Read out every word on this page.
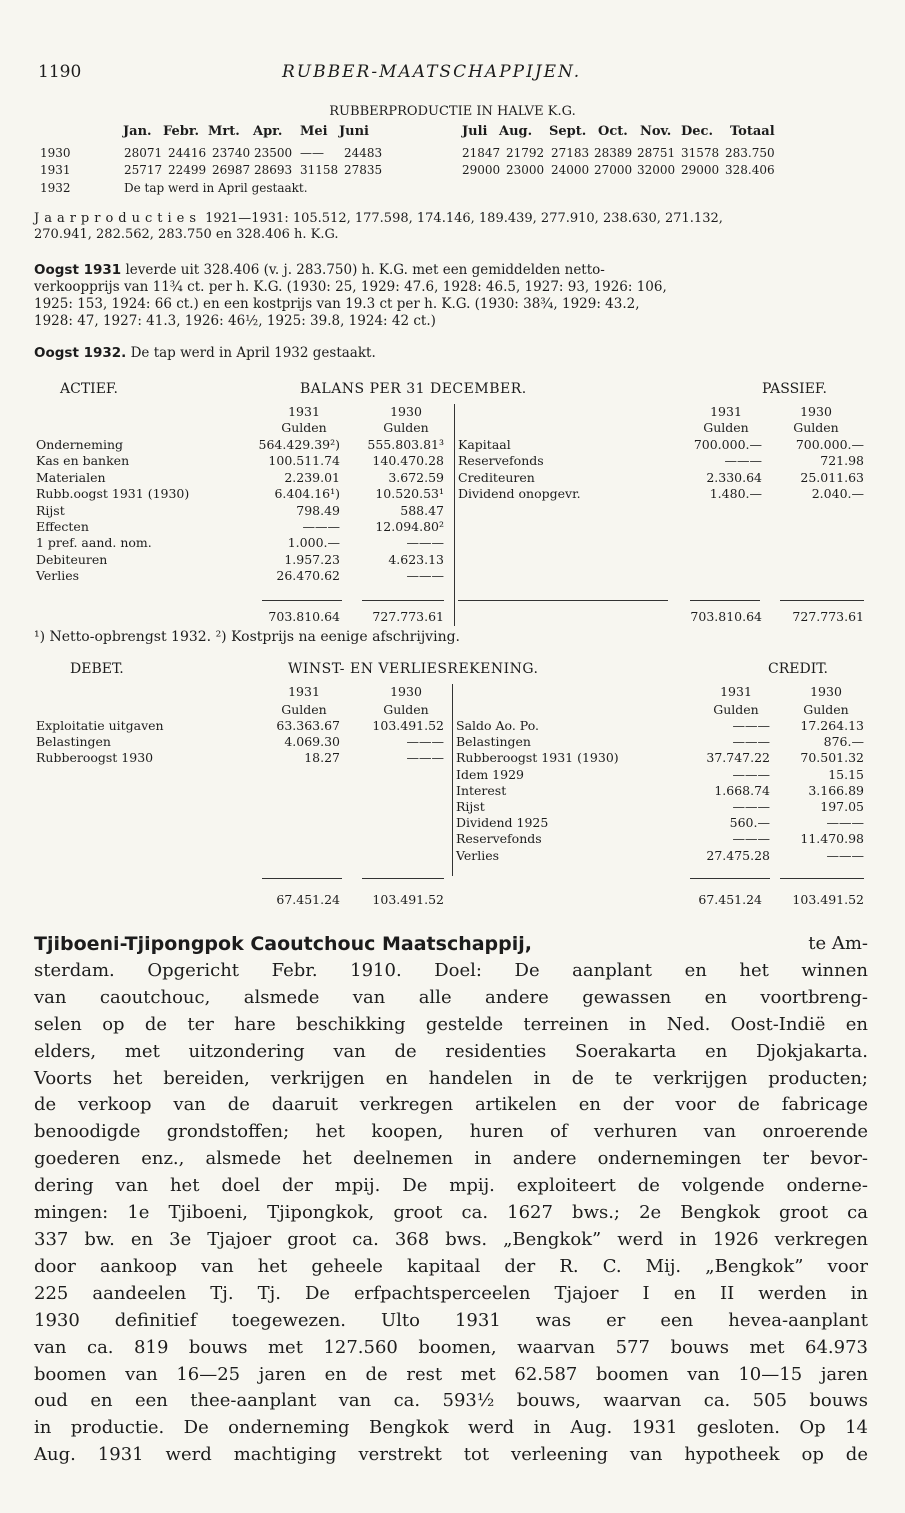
1190	RUBBER-MAATSCHAPPIJEN.
RUBBERPRODUCTIE IN HALVE K.G.
Jan. Febr. Mrt. Apr. Mei Juni	Juli Aug. Sept. Oct. Nov. Dec. Totaal
1930	28071 24416 23740 23500 —— 24483	21847 21792 27183 28389 28751 31578 283.750
1931	25717 22499 26987 28693 31158 27835	29000 23000 24000 27000 32000 29000 328.406
1932	De tap werd in April gestaakt.
Jaarproducties 1921—1931: 105.512, 177.598, 174.146, 189.439, 277.910, 238.630, 271.132,
270.941, 282.562, 283.750 en 328.406 h. K.G.
Oogst 1931 leverde uit 328.406 (v. j. 283.750) h. K.G. met een gemiddelden netto-
verkoopprijs van 11¾ ct. per h. K.G. (1930: 25, 1929: 47.6, 1928: 46.5, 1927: 93, 1926: 106,
1925: 153, 1924: 66 ct.) en een kostprijs van 19.3 ct per h. K.G. (1930: 38¾, 1929: 43.2,
1928: 47, 1927: 41.3, 1926: 46½, 1925: 39.8, 1924: 42 ct.)
Oogst 1932. De tap werd in April 1932 gestaakt.
ACTIEF.	BALANS PER 31 DECEMBER.	PASSIEF.
1931	1930
Gulden	Gulden
1931	1930
Gulden	Gulden
Onderneming	564.429.39²)	555.803.81³
Kas en banken	100.511.74	140.470.28
Materialen	2.239.01	3.672.59
Rubb.oogst 1931 (1930)	6.404.16¹)	10.520.53¹
Rijst	798.49	588.47
Effecten	———	12.094.80²
1 pref. aand. nom.	1.000.—	———
Debiteuren	1.957.23	4.623.13
Verlies	26.470.62	———
Kapitaal	700.000.—	700.000.—
Reservefonds	———	721.98
Crediteuren	2.330.64	25.011.63
Dividend onopgevr.	1.480.—	2.040.—
703.810.64	727.773.61	703.810.64	727.773.61
¹) Netto-opbrengst 1932. ²) Kostprijs na eenige afschrijving.
DEBET.	WINST- EN VERLIESREKENING.	CREDIT.
1931	1930
Gulden	Gulden
1931	1930
Gulden	Gulden
Exploitatie uitgaven	63.363.67	103.491.52
Belastingen	4.069.30	———
Rubberoogst 1930	18.27	———
Saldo Ao. Po.	———	17.264.13
Belastingen	———	876.—
Rubberoogst 1931 (1930)	37.747.22	70.501.32
Idem 1929	———	15.15
Interest	1.668.74	3.166.89
Rijst	———	197.05
Dividend 1925	560.—	———
Reservefonds	———	11.470.98
Verlies	27.475.28	———
67.451.24	103.491.52	67.451.24	103.491.52
Tjiboeni-Tjipongpok Caoutchouc Maatschappij,	te Am-
sterdam. Opgericht Febr. 1910. Doel: De aanplant en het winnen
van caoutchouc, alsmede van alle andere gewassen en voortbreng-
selen op de ter hare beschikking gestelde terreinen in Ned. Oost-Indië en
elders, met uitzondering van de residenties Soerakarta en Djokjakarta.
Voorts het bereiden, verkrijgen en handelen in de te verkrijgen producten;
de verkoop van de daaruit verkregen artikelen en der voor de fabricage
benoodigde grondstoffen; het koopen, huren of verhuren van onroerende
goederen enz., alsmede het deelnemen in andere ondernemingen ter bevor-
dering van het doel der mpij. De mpij. exploiteert de volgende onderne-
mingen: 1e Tjiboeni, Tjipongkok, groot ca. 1627 bws.; 2e Bengkok groot ca
337 bw. en 3e Tjajoer groot ca. 368 bws. „Bengkok” werd in 1926 verkregen
door aankoop van het geheele kapitaal der R. C. Mij. „Bengkok” voor
225 aandeelen Tj. Tj. De erfpachtsperceelen Tjajoer I en II werden in
1930 definitief toegewezen. Ulto 1931 was er een hevea-aanplant
van ca. 819 bouws met 127.560 boomen, waarvan 577 bouws met 64.973
boomen van 16—25 jaren en de rest met 62.587 boomen van 10—15 jaren
oud en een thee-aanplant van ca. 593½ bouws, waarvan ca. 505 bouws
in productie. De onderneming Bengkok werd in Aug. 1931 gesloten. Op 14
Aug. 1931 werd machtiging verstrekt tot verleening van hypotheek op de
